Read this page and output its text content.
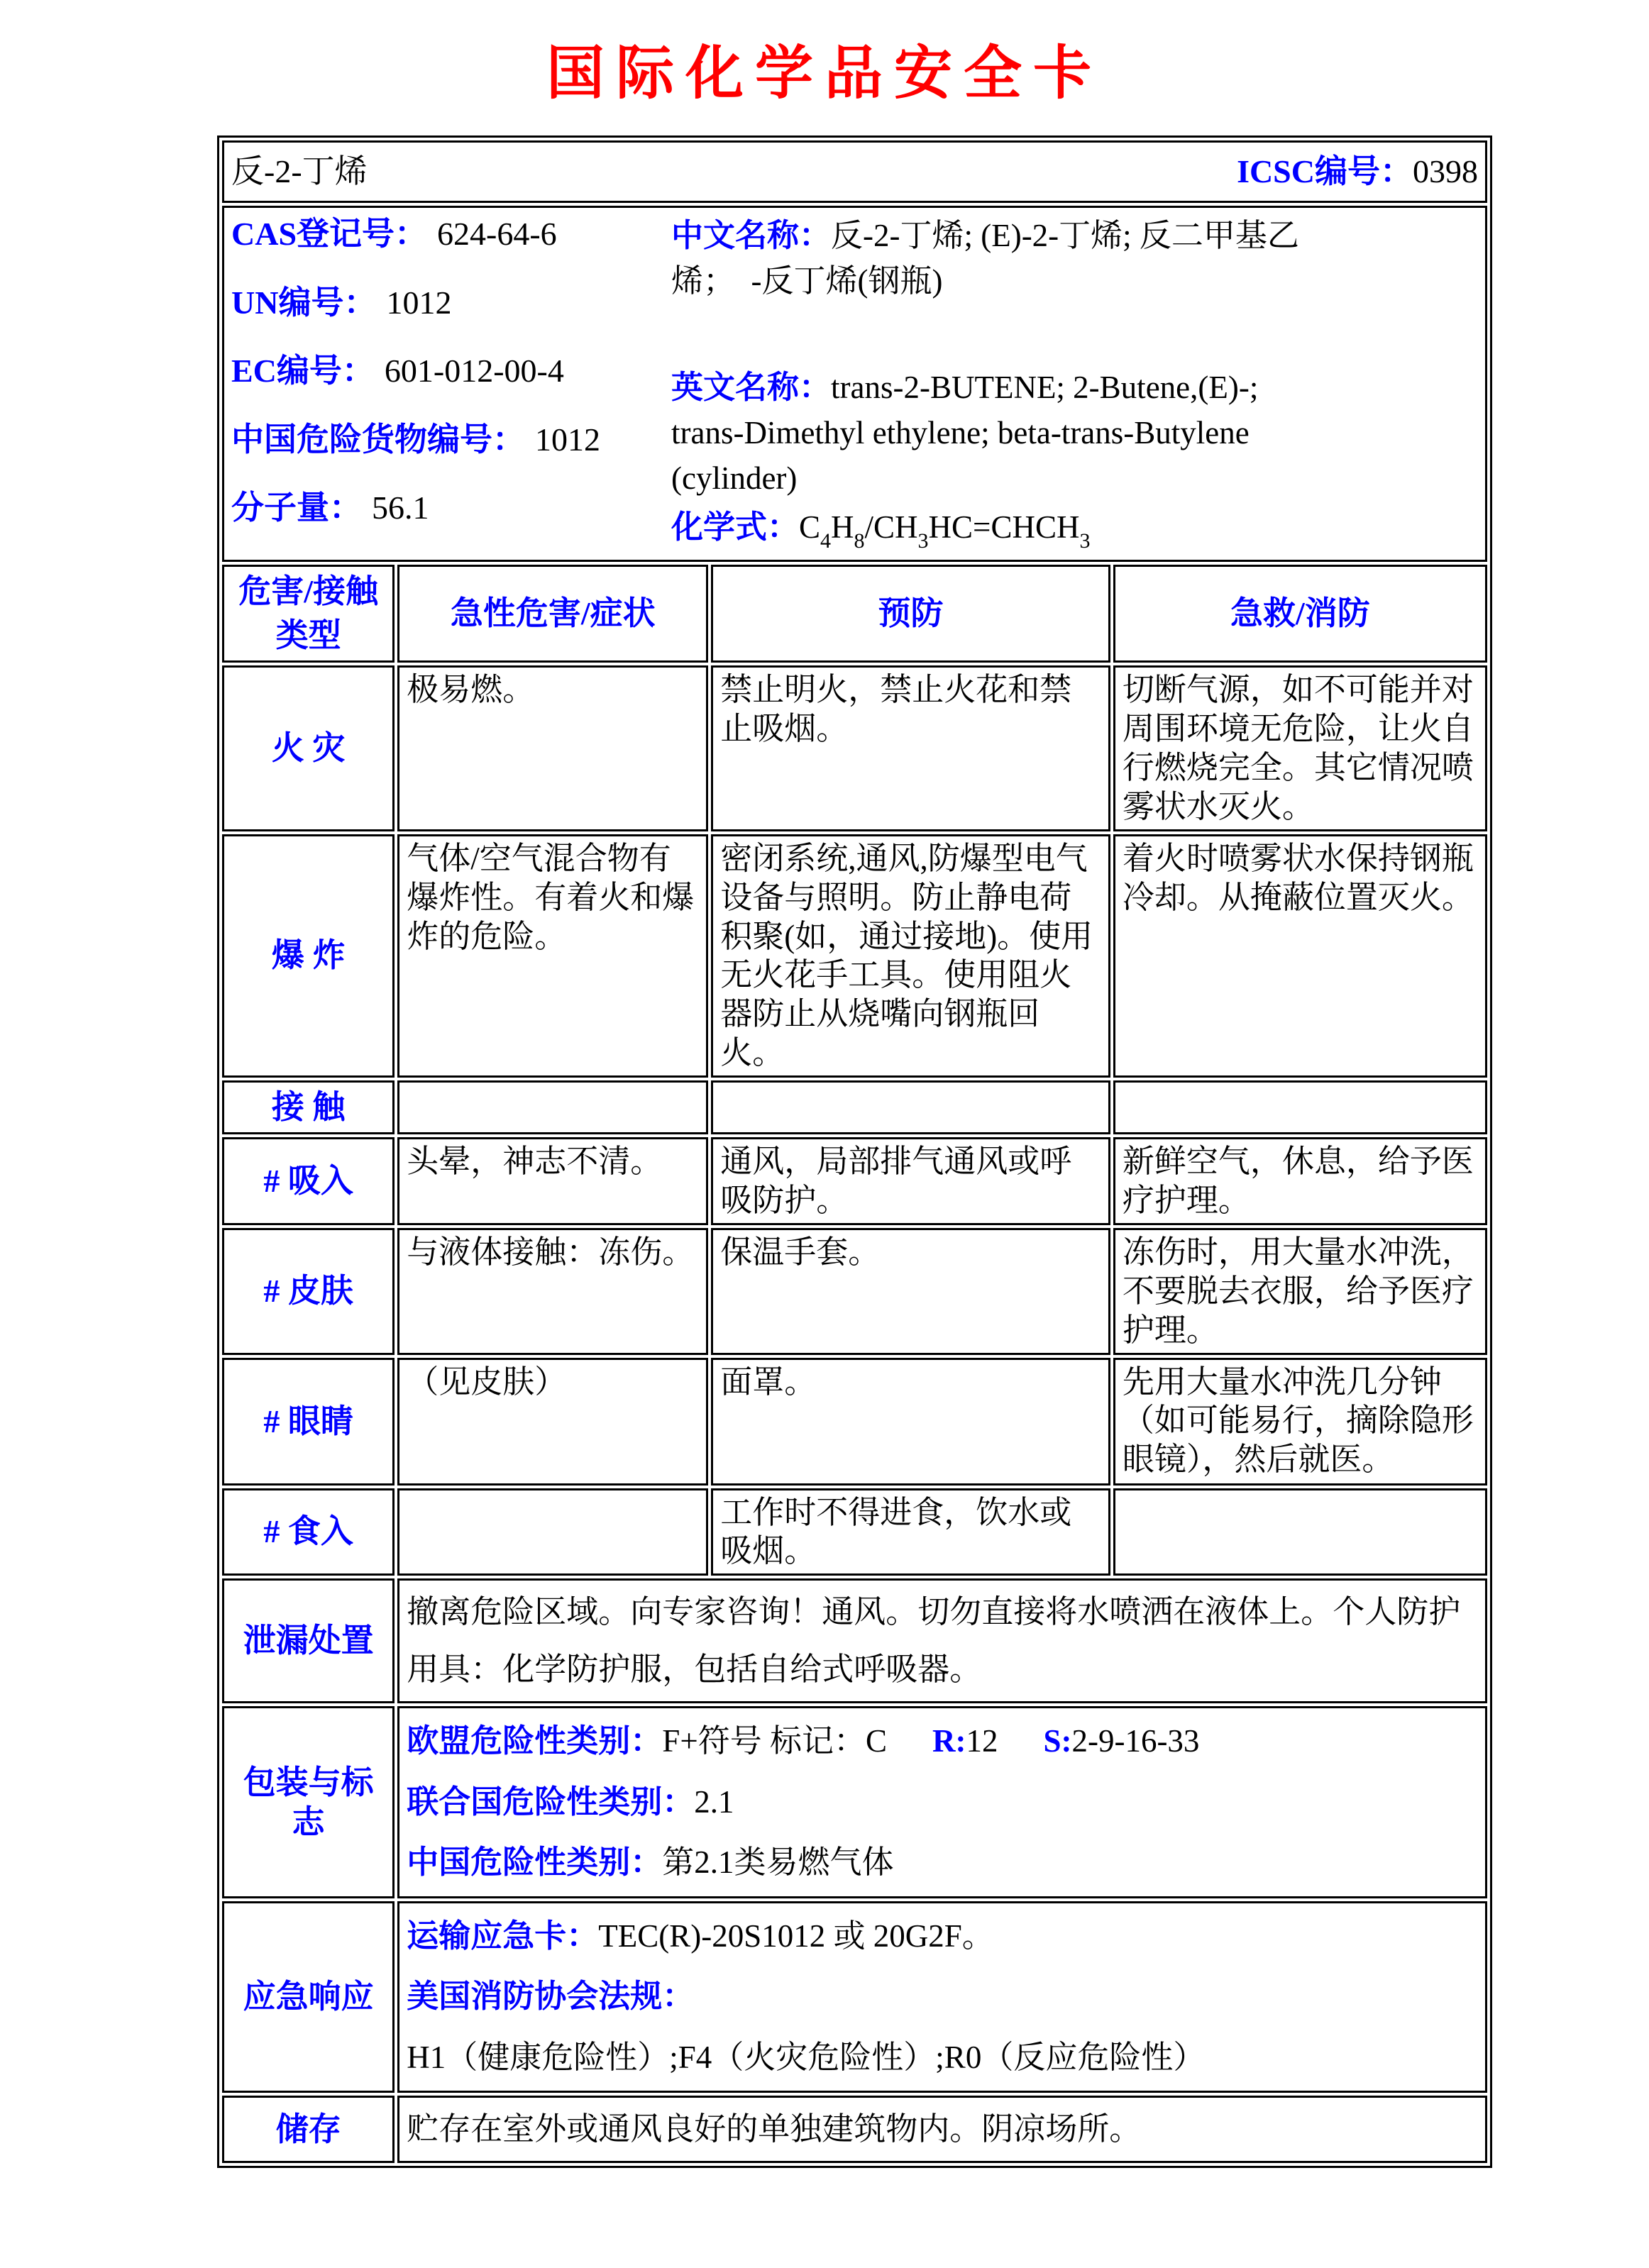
国际化学品安全卡
反-2-丁烯 ICSC编号：0398			

CAS登记号： 624-64-6
UN编号： 1012
EC编号： 601-012-00-4
中国危险货物编号： 1012
分子量： 56.1
中文名称：反-2-丁烯; (E)-2-丁烯; 反二甲基乙
烯；  -反丁烯(钢瓶)
英文名称：trans-2-BUTENE; 2-Butene,(E)-;
trans-Dimethyl ethylene; beta-trans-Butylene
(cylinder)
化学式：$C_4H_8/CH_3HC=CHCH_3$

危害/接触类型	急性危害/症状	预防	急救/消防
火 灾	极易燃。	禁止明火，禁止火花和禁止吸烟。	切断气源，如不可能并对周围环境无危险，让火自行燃烧完全。其它情况喷雾状水灭火。
爆 炸	气体/空气混合物有爆炸性。有着火和爆炸的危险。	密闭系统,通风,防爆型电气设备与照明。防止静电荷积聚(如，通过接地)。使用无火花手工具。使用阻火器防止从烧嘴向钢瓶回火。	着火时喷雾状水保持钢瓶冷却。从掩蔽位置灭火。
接 触			
# 吸入	头晕，神志不清。	通风，局部排气通风或呼吸防护。	新鲜空气，休息，给予医疗护理。
# 皮肤	与液体接触：冻伤。	保温手套。	冻伤时，用大量水冲洗，不要脱去衣服，给予医疗护理。
# 眼睛	（见皮肤）	面罩。	先用大量水冲洗几分钟（如可能易行，摘除隐形眼镜），然后就医。
# 食入		工作时不得进食，饮水或吸烟。	
泄漏处置	撤离危险区域。向专家咨询！通风。切勿直接将水喷洒在液体上。个人防护用具：化学防护服，包括自给式呼吸器。		
包装与标志	欧盟危险性类别：F+符号 标记：C R:12 S:2-9-16-33
联合国危险性类别：2.1
中国危险性类别：第2.1类易燃气体		

应急响应	运输应急卡：TEC(R)-20S1012 或 20G2F。
美国消防协会法规：H1（健康危险性）;F4（火灾危险性）;R0（反应危险性）		

储存	贮存在室外或通风良好的单独建筑物内。阴凉场所。		
